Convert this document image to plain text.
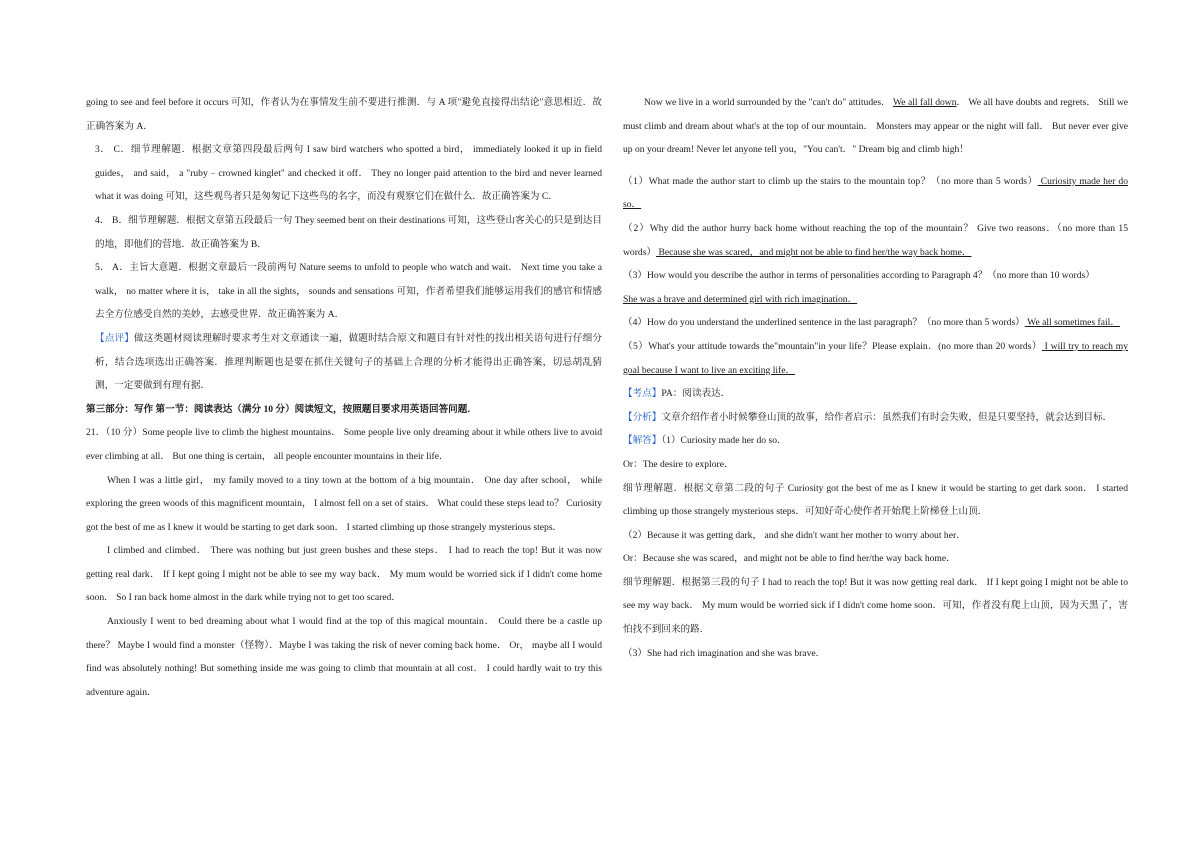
going to see and feel before it occurs 可知，作者认为在事情发生前不要进行推测．与 A 项"避免直接得出结论"意思相近．故正确答案为 A．

3． C．细节理解题．根据文章第四段最后两句 I saw bird watchers who spotted a bird， immediately looked it up in field guides， and said， a "ruby﹣crowned kinglet" and checked it off． They no longer paid attention to the bird and never learned what it was doing 可知，这些观鸟者只是匆匆记下这些鸟的名字，而没有观察它们在做什么．故正确答案为 C．

4． B．细节理解题．根据文章第五段最后一句 They seemed bent on their destinations 可知，这些登山客关心的只是到达目的地，即他们的营地．故正确答案为 B．

5． A．主旨大意题．根据文章最后一段前两句 Nature seems to unfold to people who watch and wait． Next time you take a walk， no matter where it is， take in all the sights， sounds and sensations 可知，作者希望我们能够运用我们的感官和情感去全方位感受自然的美妙，去感受世界．故正确答案为 A．

【点评】做这类题材阅读理解时要求考生对文章通读一遍，做题时结合原文和题目有针对性的找出相关语句进行仔细分析，结合选项选出正确答案．推理判断题也是要在抓住关键句子的基础上合理的分析才能得出正确答案，切忌胡乱猜测，一定要做到有理有据．

第三部分：写作 第一节：阅读表达（满分 10 分）阅读短文，按照题目要求用英语回答问题．

21．（10 分）Some people live to climb the highest mountains． Some people live only dreaming about it while others live to avoid ever climbing at all． But one thing is certain， all people encounter mountains in their life．

When I was a little girl， my family moved to a tiny town at the bottom of a big mountain． One day after school， while exploring the green woods of this magnificent mountain， I almost fell on a set of stairs． What could these steps lead to？ Curiosity got the best of me as I knew it would be starting to get dark soon． I started climbing up those strangely mysterious steps．

I climbed and climbed． There was nothing but just green bushes and these steps． I had to reach the top! But it was now getting real dark． If I kept going I might not be able to see my way back． My mum would be worried sick if I didn't come home soon． So I ran back home almost in the dark while trying not to get too scared．

Anxiously I went to bed dreaming about what I would find at the top of this magical mountain． Could there be a castle up there？ Maybe I would find a monster（怪物）．Maybe I was taking the risk of never coming back home． Or， maybe all I would find was absolutely nothing! But something inside me was going to climb that mountain at all cost． I could hardly wait to try this adventure again．

Now we live in a world surrounded by the "can't do" attitudes． We all fall down． We all have doubts and regrets． Still we must climb and dream about what's at the top of our mountain． Monsters may appear or the night will fall． But never ever give up on your dream! Never let anyone tell you，"You can't．" Dream big and climb high！

（1）What made the author start to climb up the stairs to the mountain top？（no more than 5 words） Curiosity made her do so．

（2）Why did the author hurry back home without reaching the top of the mountain？ Give two reasons．（no more than 15 words） Because she was scared，and might not be able to find her/the way back home．

（3）How would you describe the author in terms of personalities according to Paragraph 4？（no more than 10 words）
She was a brave and determined girl with rich imagination．

（4）How do you understand the underlined sentence in the last paragraph？（no more than 5 words） We all sometimes fail．

（5）What's your attitude towards the"mountain"in your life？Please explain．(no more than 20 words） I will try to reach my goal because I want to live an exciting life．

【考点】PA：阅读表达．

【分析】文章介绍作者小时候攀登山顶的故事，给作者启示：虽然我们有时会失败，但是只要坚持，就会达到目标．

【解答】（1）Curiosity made her do so．

Or：The desire to explore．

细节理解题．根据文章第二段的句子 Curiosity got the best of me as I knew it would be starting to get dark soon． I started climbing up those strangely mysterious steps．可知好奇心使作者开始爬上阶梯登上山顶．

（2）Because it was getting dark， and she didn't want her mother to worry about her．

Or：Because she was scared，and might not be able to find her/the way back home．

细节理解题．根据第三段的句子 I had to reach the top! But it was now getting real dark． If I kept going I might not be able to see my way back． My mum would be worried sick if I didn't come home soon．可知，作者没有爬上山顶，因为天黑了，害怕找不到回来的路．

（3）She had rich imagination and she was brave．
